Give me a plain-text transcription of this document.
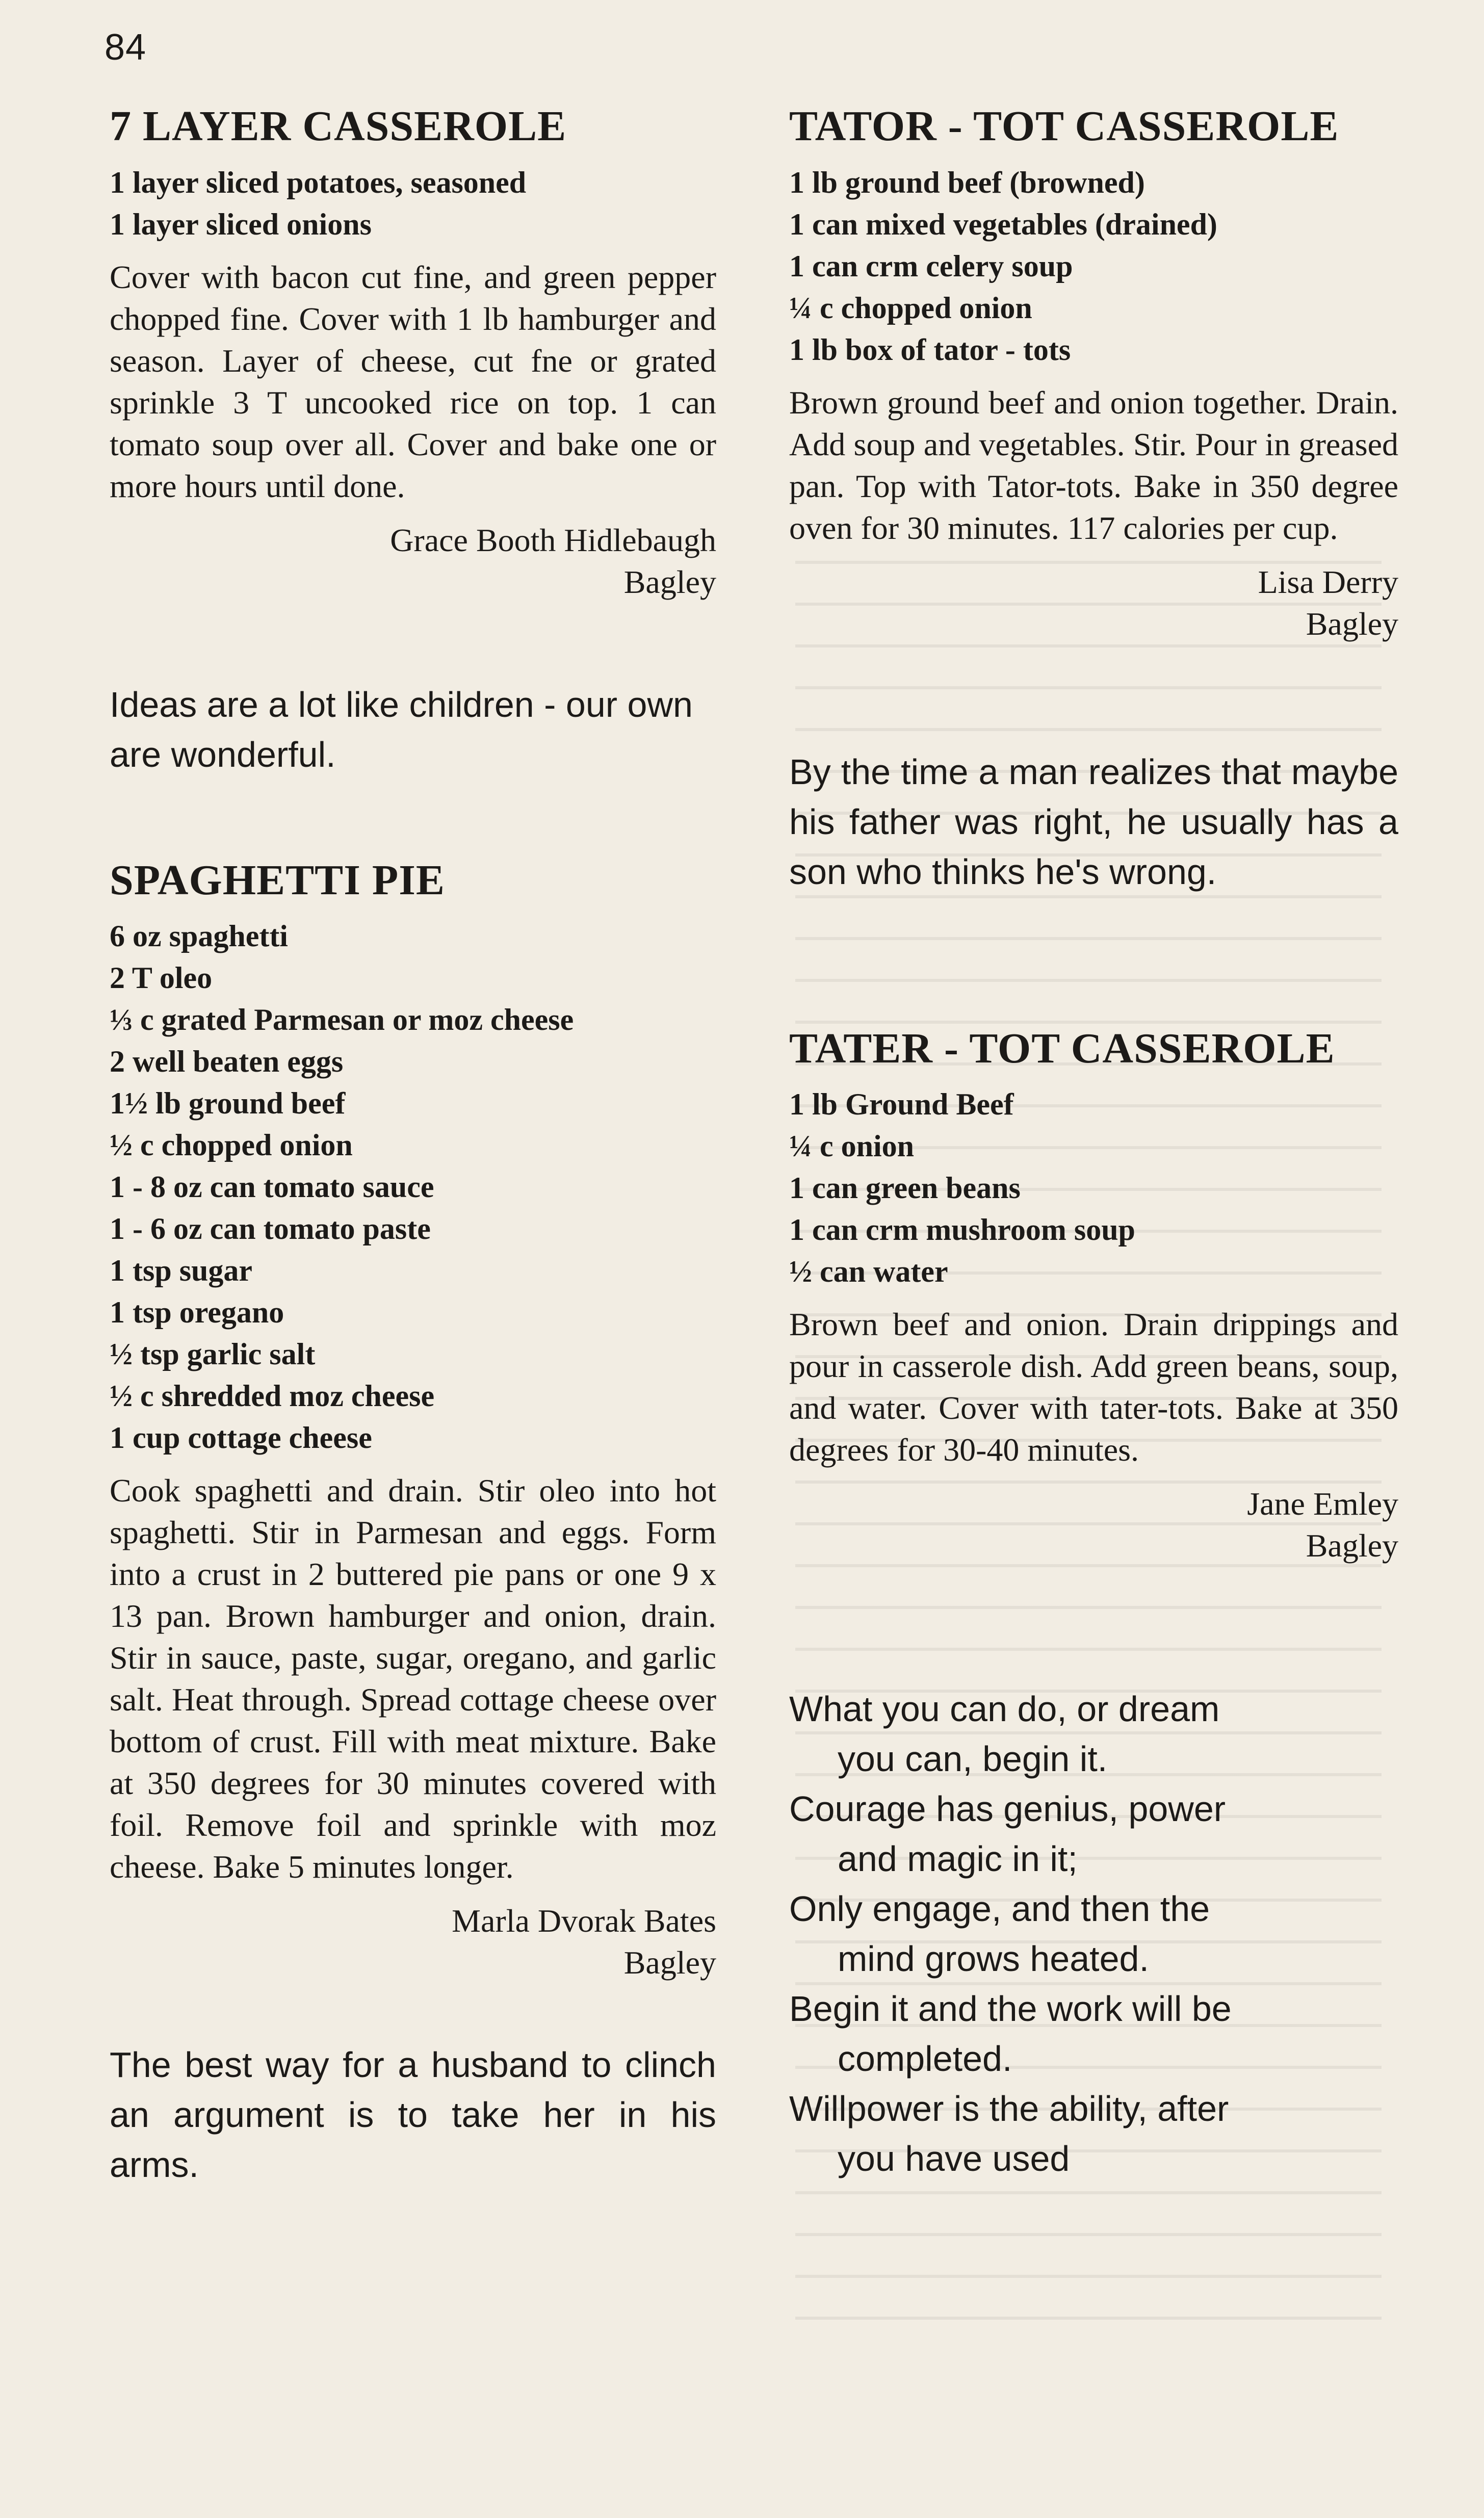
84
7 LAYER CASSEROLE
1 layer sliced potatoes, seasoned
1 layer sliced onions

Cover with bacon cut fine, and green pepper chopped fine. Cover with 1 lb hamburger and season. Layer of cheese, cut fne or grated sprinkle 3 T uncooked rice on top. 1 can tomato soup over all. Cover and bake one or more hours until done.

Grace Booth Hidlebaugh
Bagley

Ideas are a lot like children - our own are wonderful.

SPAGHETTI PIE
6 oz spaghetti
2 T oleo
⅓ c grated Parmesan or moz cheese
2 well beaten eggs
1½ lb ground beef
½ c chopped onion
1 - 8 oz can tomato sauce
1 - 6 oz can tomato paste
1 tsp sugar
1 tsp oregano
½ tsp garlic salt
½ c shredded moz cheese
1 cup cottage cheese

Cook spaghetti and drain. Stir oleo into hot spaghetti. Stir in Parmesan and eggs. Form into a crust in 2 buttered pie pans or one 9 x 13 pan. Brown hamburger and onion, drain. Stir in sauce, paste, sugar, oregano, and garlic salt. Heat through. Spread cottage cheese over bottom of crust. Fill with meat mixture. Bake at 350 degrees for 30 minutes covered with foil. Remove foil and sprinkle with moz cheese. Bake 5 minutes longer.

Marla Dvorak Bates
Bagley

The best way for a husband to clinch an argument is to take her in his arms.

TATOR - TOT CASSEROLE
1 lb ground beef (browned)
1 can mixed vegetables (drained)
1 can crm celery soup
¼ c chopped onion
1 lb box of tator - tots

Brown ground beef and onion together. Drain. Add soup and vegetables. Stir. Pour in greased pan. Top with Tator-tots. Bake in 350 degree oven for 30 minutes. 117 calories per cup.

Lisa Derry
Bagley

By the time a man realizes that maybe his father was right, he usually has a son who thinks he's wrong.

TATER - TOT CASSEROLE
1 lb Ground Beef
¼ c onion
1 can green beans
1 can crm mushroom soup
½ can water

Brown beef and onion. Drain drippings and pour in casserole dish. Add green beans, soup, and water. Cover with tater-tots. Bake at 350 degrees for 30-40 minutes.

Jane Emley
Bagley
What you can do, or dream
you can, begin it.
Courage has genius, power
and magic in it;
Only engage, and then the
mind grows heated.
Begin it and the work will be
completed.
Willpower is the ability, after
you have used
